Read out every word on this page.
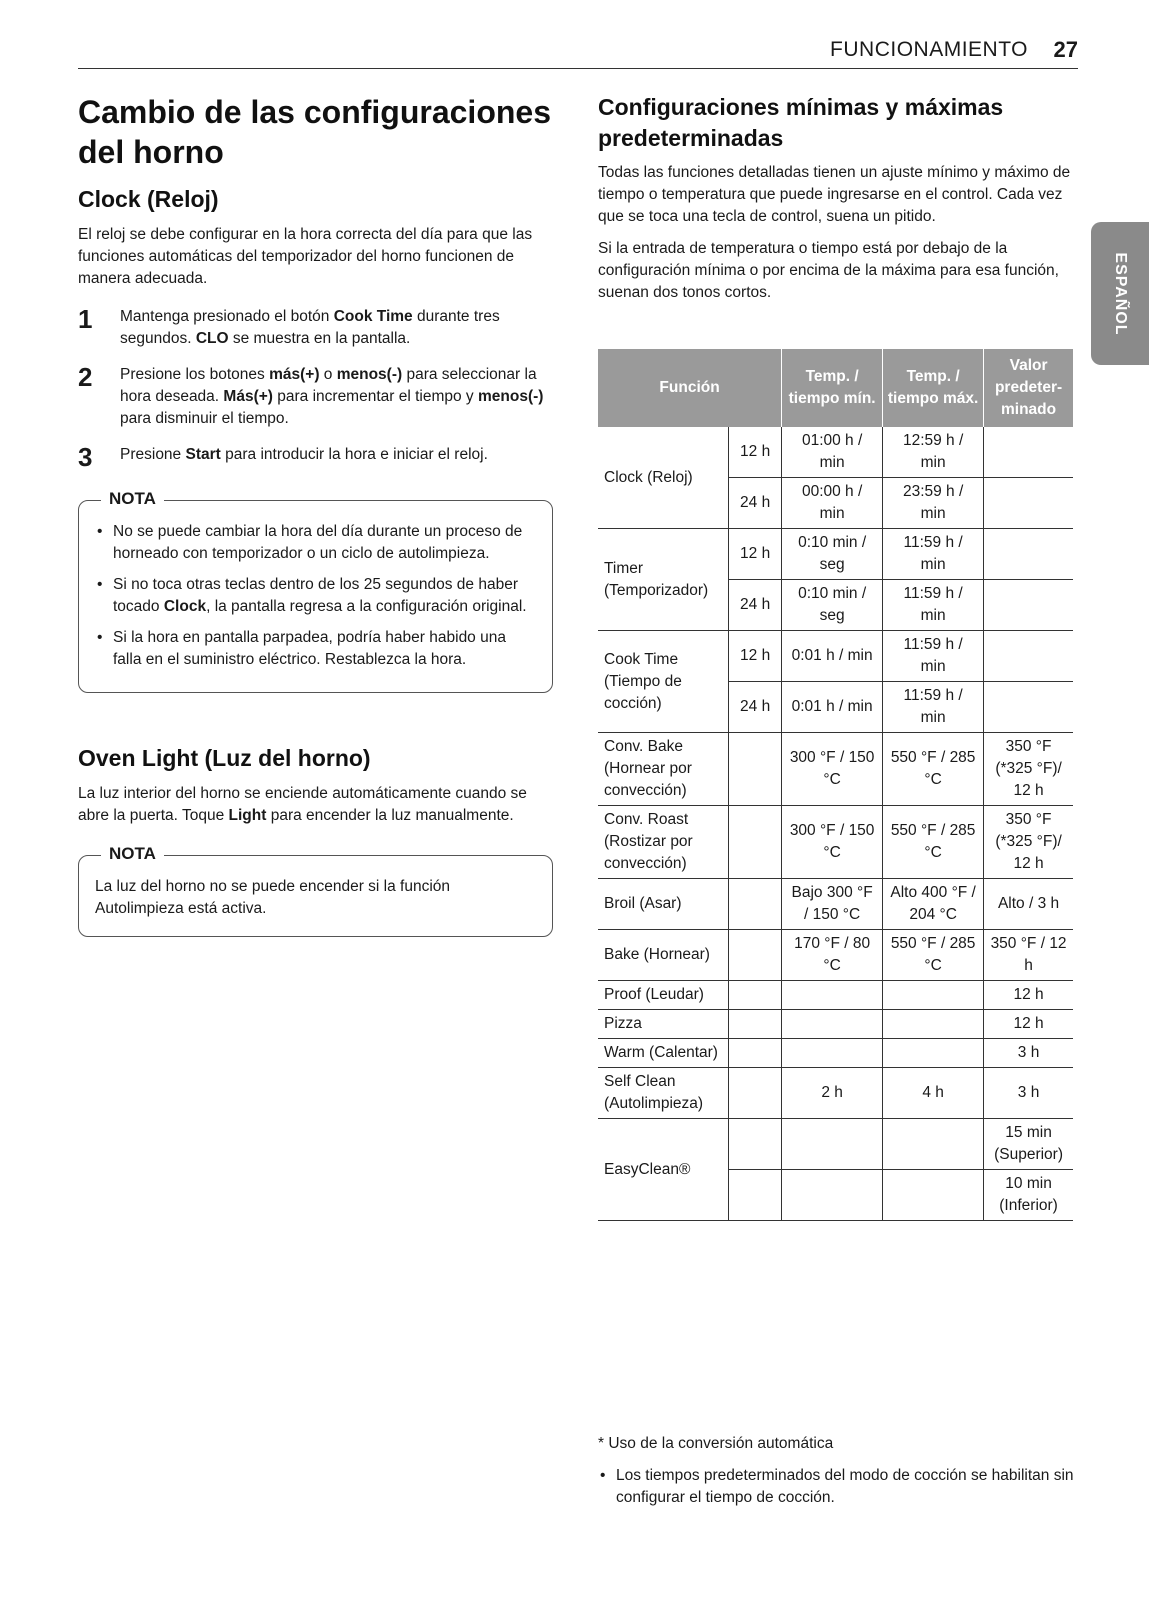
FUNCIONAMIENTO 27
ESPAÑOL
Cambio de las configuraciones del horno
Clock (Reloj)

El reloj se debe configurar en la hora correcta del día para que las funciones automáticas del temporizador del horno funcionen de manera adecuada.

1	Mantenga presionado el botón Cook Time durante tres segundos. CLO se muestra en la pantalla.
2	Presione los botones más(+) o menos(-) para seleccionar la hora deseada. Más(+) para incrementar el tiempo y menos(-) para disminuir el tiempo.
3	Presione Start para introducir la hora e iniciar el reloj.
NOTA
• No se puede cambiar la hora del día durante un proceso de horneado con temporizador o un ciclo de autolimpieza.
• Si no toca otras teclas dentro de los 25 segundos de haber tocado Clock, la pantalla regresa a la configuración original.
• Si la hora en pantalla parpadea, podría haber habido una falla en el suministro eléctrico. Restablezca la hora.
Oven Light (Luz del horno)

La luz interior del horno se enciende automáticamente cuando se abre la puerta. Toque Light para encender la luz manualmente.

NOTA

La luz del horno no se puede encender si la función Autolimpieza está activa.

Configuraciones mínimas y máximas predeterminadas

Todas las funciones detalladas tienen un ajuste mínimo y máximo de tiempo o temperatura que puede ingresarse en el control. Cada vez que se toca una tecla de control, suena un pitido.

Si la entrada de temperatura o tiempo está por debajo de la configuración mínima o por encima de la máxima para esa función, suenan dos tonos cortos.

Función		Temp. / tiempo mín.	Temp. / tiempo máx.	Valor predeter-minado
Clock (Reloj)	12 h	01:00 h / min	12:59 h / min	
	24 h	00:00 h / min	23:59 h / min	
Timer (Temporizador)	12 h	0:10 min / seg	11:59 h / min	
	24 h	0:10 min / seg	11:59 h / min	
Cook Time (Tiempo de cocción)	12 h	0:01 h / min	11:59 h / min	
	24 h	0:01 h / min	11:59 h / min	
Conv. Bake (Hornear por convección)		300 °F / 150 °C	550 °F / 285 °C	350 °F (*325 °F)/ 12 h
Conv. Roast (Rostizar por convección)		300 °F / 150 °C	550 °F / 285 °C	350 °F (*325 °F)/ 12 h
Broil (Asar)		Bajo 300 °F / 150 °C	Alto 400 °F / 204 °C	Alto / 3 h
Bake (Hornear)		170 °F / 80 °C	550 °F / 285 °C	350 °F / 12 h
Proof (Leudar)				12 h
Pizza				12 h
Warm (Calentar)				3 h
Self Clean (Autolimpieza)		2 h	4 h	3 h
EasyClean®				15 min (Superior)
				10 min (Inferior)
* Uso de la conversión automática
• Los tiempos predeterminados del modo de cocción se habilitan sin configurar el tiempo de cocción.
